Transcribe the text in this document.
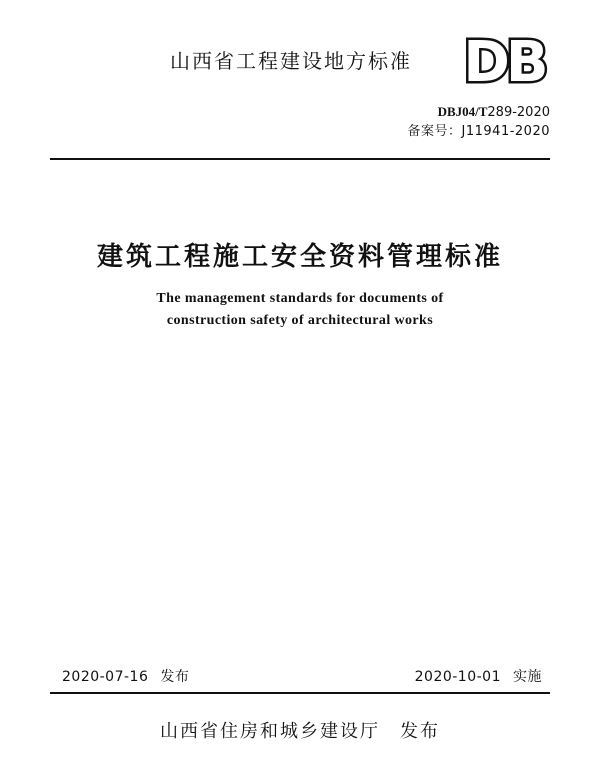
山西省工程建设地方标准 DB
DBJ04/T289-2020
备案号：J11941-2020
建筑工程施工安全资料管理标准
The management standards for documents of
construction safety of architectural works
2020-07-16 发布	2020-10-01 实施
山西省住房和城乡建设厅 发布
